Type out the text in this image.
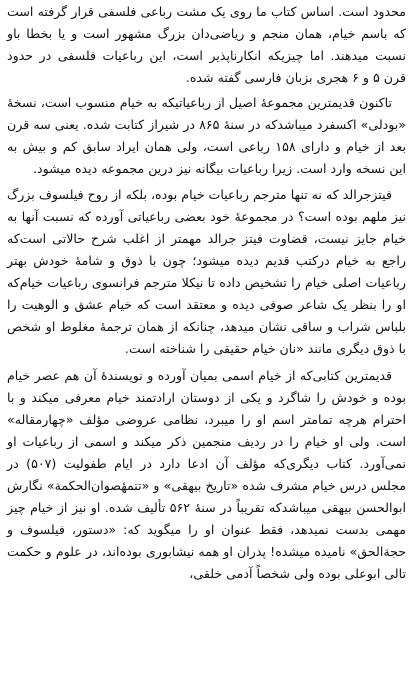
محدود است. اساس کتاب ما روی یک مشت رباعی فلسفی قرار گرفته است که باسم خیام، همان منجم و ریاضی‌دان بزرگ مشهور است و یا بخطا باو نسبت میدهند. اما چیزیکه انکارناپذیر است، این رباعیات فلسفی در حدود قرن ۵ و ۶ هجری بزبان فارسی گفته شده.

تاکنون قدیمترین مجموعهٔ اصیل از رباعیاتیکه به خیام منسوب است، نسخهٔ «بودلی» اکسفرد میباشدکه در سنهٔ ۸۶۵ در شیراز کتابت شده. یعنی سه قرن بعد از خیام و دارای ۱۵۸ رباعی است، ولی همان ایراد سابق کم و بیش به این نسخه وارد است. زیرا رباعیات بیگانه نیز درین مجموعه دیده میشود.

فیتزجرالد که نه تنها مترجم رباعیات خیام بوده، بلکه از روح فیلسوف بزرگ نیز ملهم بوده است؟ در مجموعهٔ خود بعضی رباعیاتی آورده که نسبت آنها به خیام جایز نیست، قضاوت فیتز جرالد مهمتر از اغلب شرح حالاتی است‌که راجع به خیام درکتب قدیم دیده میشود؛ چون با ذوق و شامهٔ خودش بهتر رباعیات اصلی خیام را تشخیص داده تا نیکلا مترجم فرانسوی رباعیات خیام‌که او را بنظر یک شاعر صوفی دیده و معتقد است که خیام عشق و الوهیت را بلباس شراب و ساقی نشان میدهد، چنانکه از همان ترجمهٔ مغلوط او شخص با ذوق دیگری مانند «نان خیام حقیقی را شناخته است.

قدیمترین کتابی‌که از خیام اسمی بمیان آورده و نویسندهٔ آن هم عصر خیام بوده و خودش را شاگرد و یکی از دوستان ارادتمند خیام معرفی میکند و با احترام هرچه تمامتر اسم او را میبرد، نظامی عروضی مؤلف «چهارمقاله» است. ولی او خیام را در ردیف منجمین ذکر میکند و اسمی از رباعیات او نمی‌آورد. کتاب دیگری‌که مؤلف آن ادعا دارد در ایام طفولیت (۵۰۷) در مجلس درس خیام مشرف شده «تاریخ بیهقی» و «تتمهٔصوان‌الحکمة» نگارش ابوالحسن بیهقی میباشدکه تقریباً در سنهٔ ۵۶۲ تألیف شده. او نیز از خیام چیز مهمی بدست نمیدهد، فقط عنوان او را میگوید که: «دستور، فیلسوف و حجة‌الحق» نامیده میشده! پدران او همه نیشابوری بوده‌اند، در علوم و حکمت تالی ابوعلی بوده ولی شخصاً آدمی خلقی،
